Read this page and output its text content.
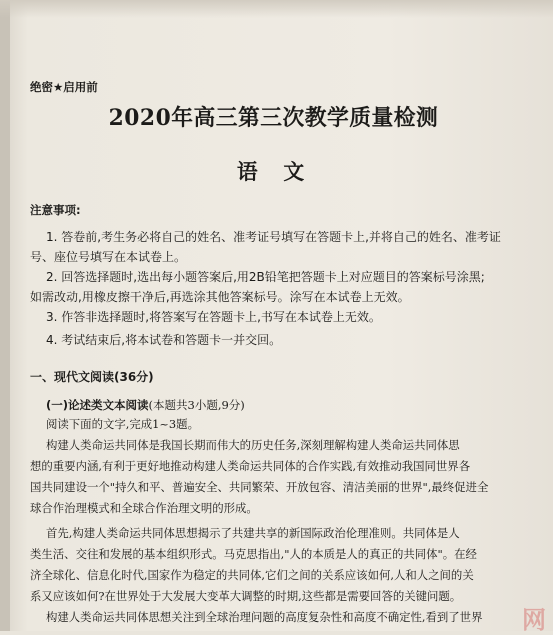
绝密★启用前
2020年高三第三次教学质量检测
语文
注意事项:
1. 答卷前,考生务必将自己的姓名、准考证号填写在答题卡上,并将自己的姓名、准考证
号、座位号填写在本试卷上。
2. 回答选择题时,选出每小题答案后,用2B铅笔把答题卡上对应题目的答案标号涂黑;
如需改动,用橡皮擦干净后,再选涂其他答案标号。涂写在本试卷上无效。
3. 作答非选择题时,将答案写在答题卡上,书写在本试卷上无效。
4. 考试结束后,将本试卷和答题卡一并交回。
一、现代文阅读(36分)
(一)论述类文本阅读(本题共3小题,9分)
阅读下面的文字,完成1~3题。
构建人类命运共同体是我国长期而伟大的历史任务,深刻理解构建人类命运共同体思
想的重要内涵,有利于更好地推动构建人类命运共同体的合作实践,有效推动我国同世界各
国共同建设一个"持久和平、普遍安全、共同繁荣、开放包容、清洁美丽的世界",最终促进全
球合作治理模式和全球合作治理文明的形成。
首先,构建人类命运共同体思想揭示了共建共享的新国际政治伦理准则。共同体是人
类生活、交往和发展的基本组织形式。马克思指出,"人的本质是人的真正的共同体"。在经
济全球化、信息化时代,国家作为稳定的共同体,它们之间的关系应该如何,人和人之间的关
系又应该如何?在世界处于大发展大变革大调整的时期,这些都是需要回答的关键问题。
构建人类命运共同体思想关注到全球治理问题的高度复杂性和高度不确定性,看到了世界 网
